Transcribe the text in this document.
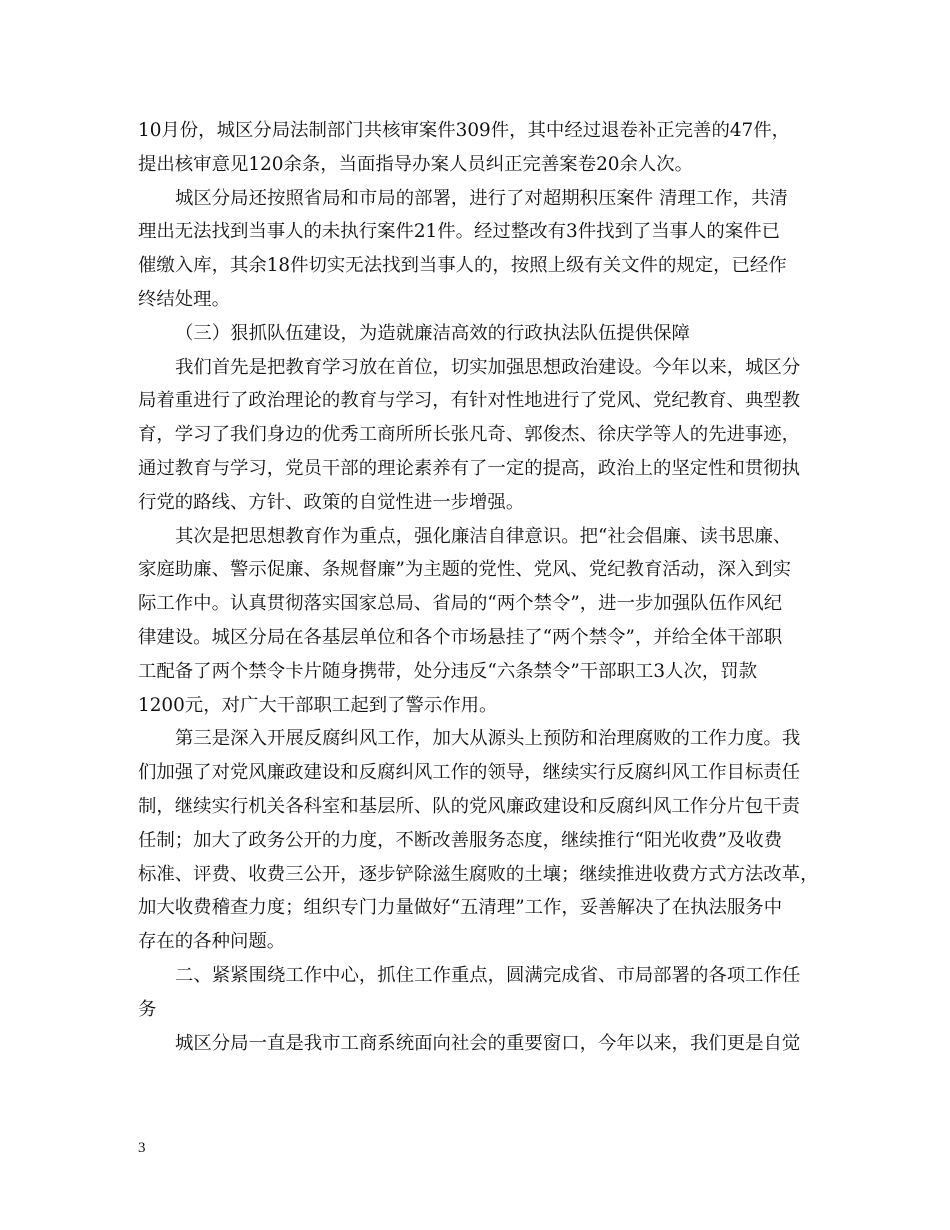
10月份，城区分局法制部门共核审案件309件，其中经过退卷补正完善的47件，
提出核审意见120余条，当面指导办案人员纠正完善案卷20余人次。
城区分局还按照省局和市局的部署，进行了对超期积压案件 清理工作，共清
理出无法找到当事人的未执行案件21件。经过整改有3件找到了当事人的案件已
催缴入库，其余18件切实无法找到当事人的，按照上级有关文件的规定，已经作
终结处理。
（三）狠抓队伍建设，为造就廉洁高效的行政执法队伍提供保障
我们首先是把教育学习放在首位，切实加强思想政治建设。今年以来，城区分
局着重进行了政治理论的教育与学习，有针对性地进行了党风、党纪教育、典型教
育，学习了我们身边的优秀工商所所长张凡奇、郭俊杰、徐庆学等人的先进事迹，
通过教育与学习，党员干部的理论素养有了一定的提高，政治上的坚定性和贯彻执
行党的路线、方针、政策的自觉性进一步增强。
其次是把思想教育作为重点，强化廉洁自律意识。把“社会倡廉、读书思廉、
家庭助廉、警示促廉、条规督廉”为主题的党性、党风、党纪教育活动，深入到实
际工作中。认真贯彻落实国家总局、省局的“两个禁令”，进一步加强队伍作风纪
律建设。城区分局在各基层单位和各个市场悬挂了“两个禁令”，并给全体干部职
工配备了两个禁令卡片随身携带，处分违反“六条禁令”干部职工3人次，罚款
1200元，对广大干部职工起到了警示作用。
第三是深入开展反腐纠风工作，加大从源头上预防和治理腐败的工作力度。我
们加强了对党风廉政建设和反腐纠风工作的领导，继续实行反腐纠风工作目标责任
制，继续实行机关各科室和基层所、队的党风廉政建设和反腐纠风工作分片包干责
任制；加大了政务公开的力度，不断改善服务态度，继续推行“阳光收费”及收费
标准、评费、收费三公开，逐步铲除滋生腐败的土壤；继续推进收费方式方法改革，
加大收费稽查力度；组织专门力量做好“五清理”工作，妥善解决了在执法服务中
存在的各种问题。
二、紧紧围绕工作中心，抓住工作重点，圆满完成省、市局部署的各项工作任
务
城区分局一直是我市工商系统面向社会的重要窗口，今年以来，我们更是自觉
3
